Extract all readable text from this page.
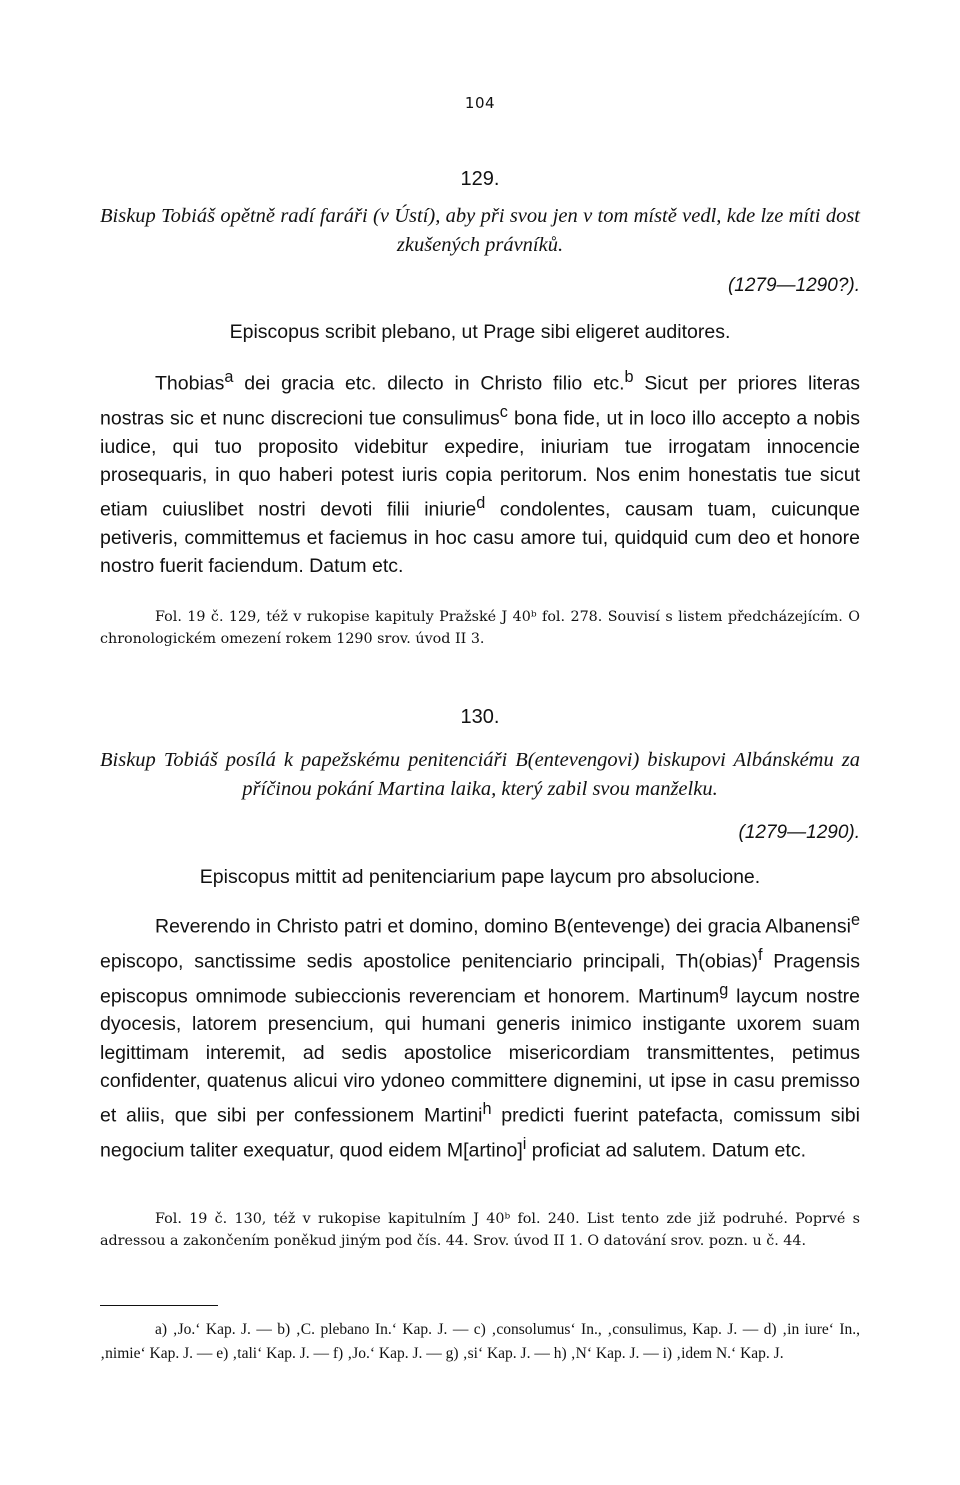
104
129.
Biskup Tobiáš opětně radí faráři (v Ústí), aby při svou jen v tom místě vedl, kde lze míti dost zkušených právníků.
(1279—1290?).
Episcopus scribit plebano, ut Prage sibi eligeret auditores.

Thobias$^a$ dei gracia etc. dilecto in Christo filio etc.$^b$ Sicut per priores literas nostras sic et nunc discrecioni tue consulimus$^c$ bona fide, ut in loco illo accepto a nobis iudice, qui tuo proposito videbitur expedire, iniuriam tue irrogatam innocencie prosequaris, in quo haberi potest iuris copia peritorum. Nos enim honestatis tue sicut etiam cuiuslibet nostri devoti filii iniurie$^d$ condolentes, causam tuam, cuicunque petiveris, committemus et faciemus in hoc casu amore tui, quidquid cum deo et honore nostro fuerit faciendum. Datum etc.

Fol. 19 č. 129, též v rukopise kapituly Pražské J 40ᵇ fol. 278. Souvisí s listem předcházejícím. O chronologickém omezení rokem 1290 srov. úvod II 3.

130.
Biskup Tobiáš posílá k papežskému penitenciáři B(entevengovi) biskupovi Albánskému za příčinou pokání Martina laika, který zabil svou manželku.
(1279—1290).
Episcopus mittit ad penitenciarium pape laycum pro absolucione.

Reverendo in Christo patri et domino, domino B(entevenge) dei gracia Albanensi$^e$ episcopo, sanctissime sedis apostolice penitenciario principali, Th(obias)$^f$ Pragensis episcopus omnimode subieccionis reverenciam et honorem. Martinum$^g$ laycum nostre dyocesis, latorem presencium, qui humani generis inimico instigante uxorem suam legittimam interemit, ad sedis apostolice misericordiam transmittentes, petimus confidenter, quatenus alicui viro ydoneo committere dignemini, ut ipse in casu premisso et aliis, que sibi per confessionem Martini$^h$ predicti fuerint patefacta, comissum sibi negocium taliter exequatur, quod eidem M[artino]$^i$ proficiat ad salutem. Datum etc.

Fol. 19 č. 130, též v rukopise kapitulním J 40ᵇ fol. 240. List tento zde již podruhé. Poprvé s adressou a zakončením poněkud jiným pod čís. 44. Srov. úvod II 1. O datování srov. pozn. u č. 44.

a) ‚Jo.‘ Kap. J. — b) ‚C. plebano In.‘ Kap. J. — c) ‚consolumus‘ In., ‚consulimus, Kap. J. — d) ‚in iure‘ In., ‚nimie‘ Kap. J. — e) ‚tali‘ Kap. J. — f) ‚Jo.‘ Kap. J. — g) ‚si‘ Kap. J. — h) ‚N‘ Kap. J. — i) ‚idem N.‘ Kap. J.
